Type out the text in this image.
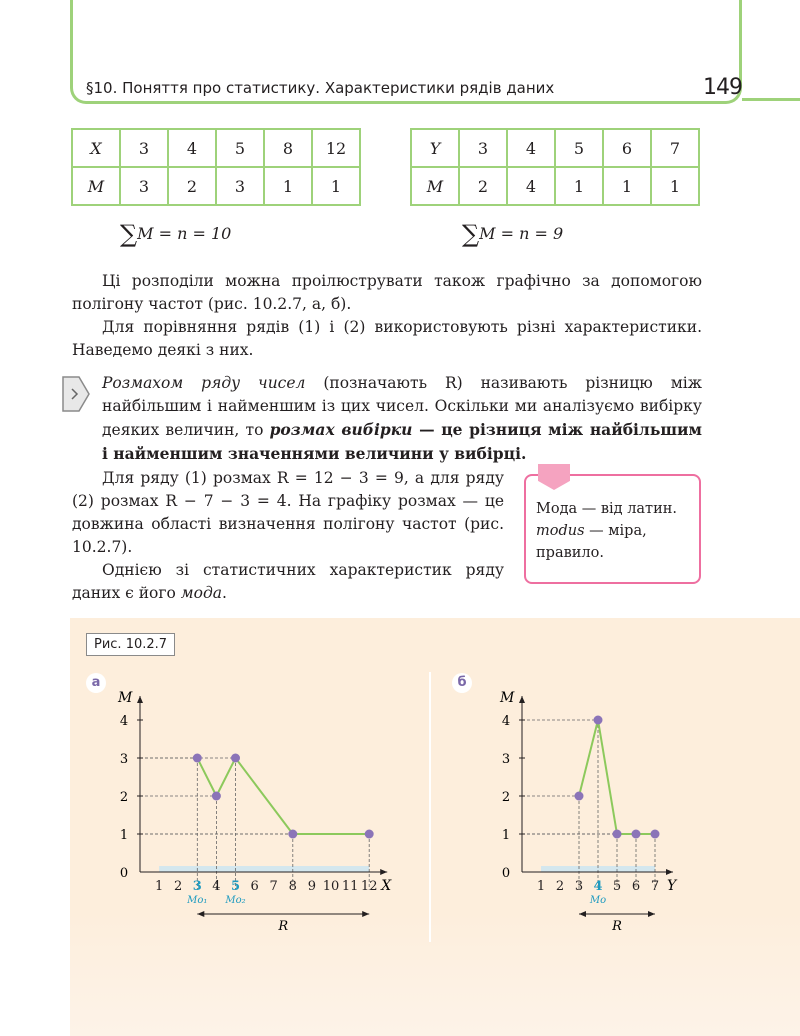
§10. Поняття про статистику. Характеристики рядів даних	149
X	3	4	5	8	12
M	3	2	3	1	1
Y	3	4	5	6	7
M	2	4	1	1	1
∑M = n = 10	∑M = n = 9
Ці розподіли можна проілюструвати також графічно за допомогою полігону частот (рис. 10.2.7, а, б).
Для порівняння рядів (1) і (2) використовують різні характеристики. Наведемо деякі з них.
Розмахом ряду чисел (позначають R) називають різницю між найбільшим і найменшим із цих чисел. Оскільки ми аналізуємо вибірку деяких величин, то розмах вибірки — це різниця між найбільшим і найменшим значеннями величини у вибірці.
Для ряду (1) розмах R = 12 − 3 = 9, а для ряду (2) розмах R − 7 − 3 = 4. На графіку розмах — це довжина області визначення полігону частот (рис. 10.2.7).
Однією зі статистичних характеристик ряду даних є його мода.
Мода — від латин.
modus — міра,
правило.
Рис. 10.2.7
а	б
X
M
0
1
2
3
4
1 2 3 4 5 6 7 8 9 10 11 12
Mo₁ Mo₂
R
Y
M
0
1
2
3
4
1 2 3 4 5 6 7
Mo
R
